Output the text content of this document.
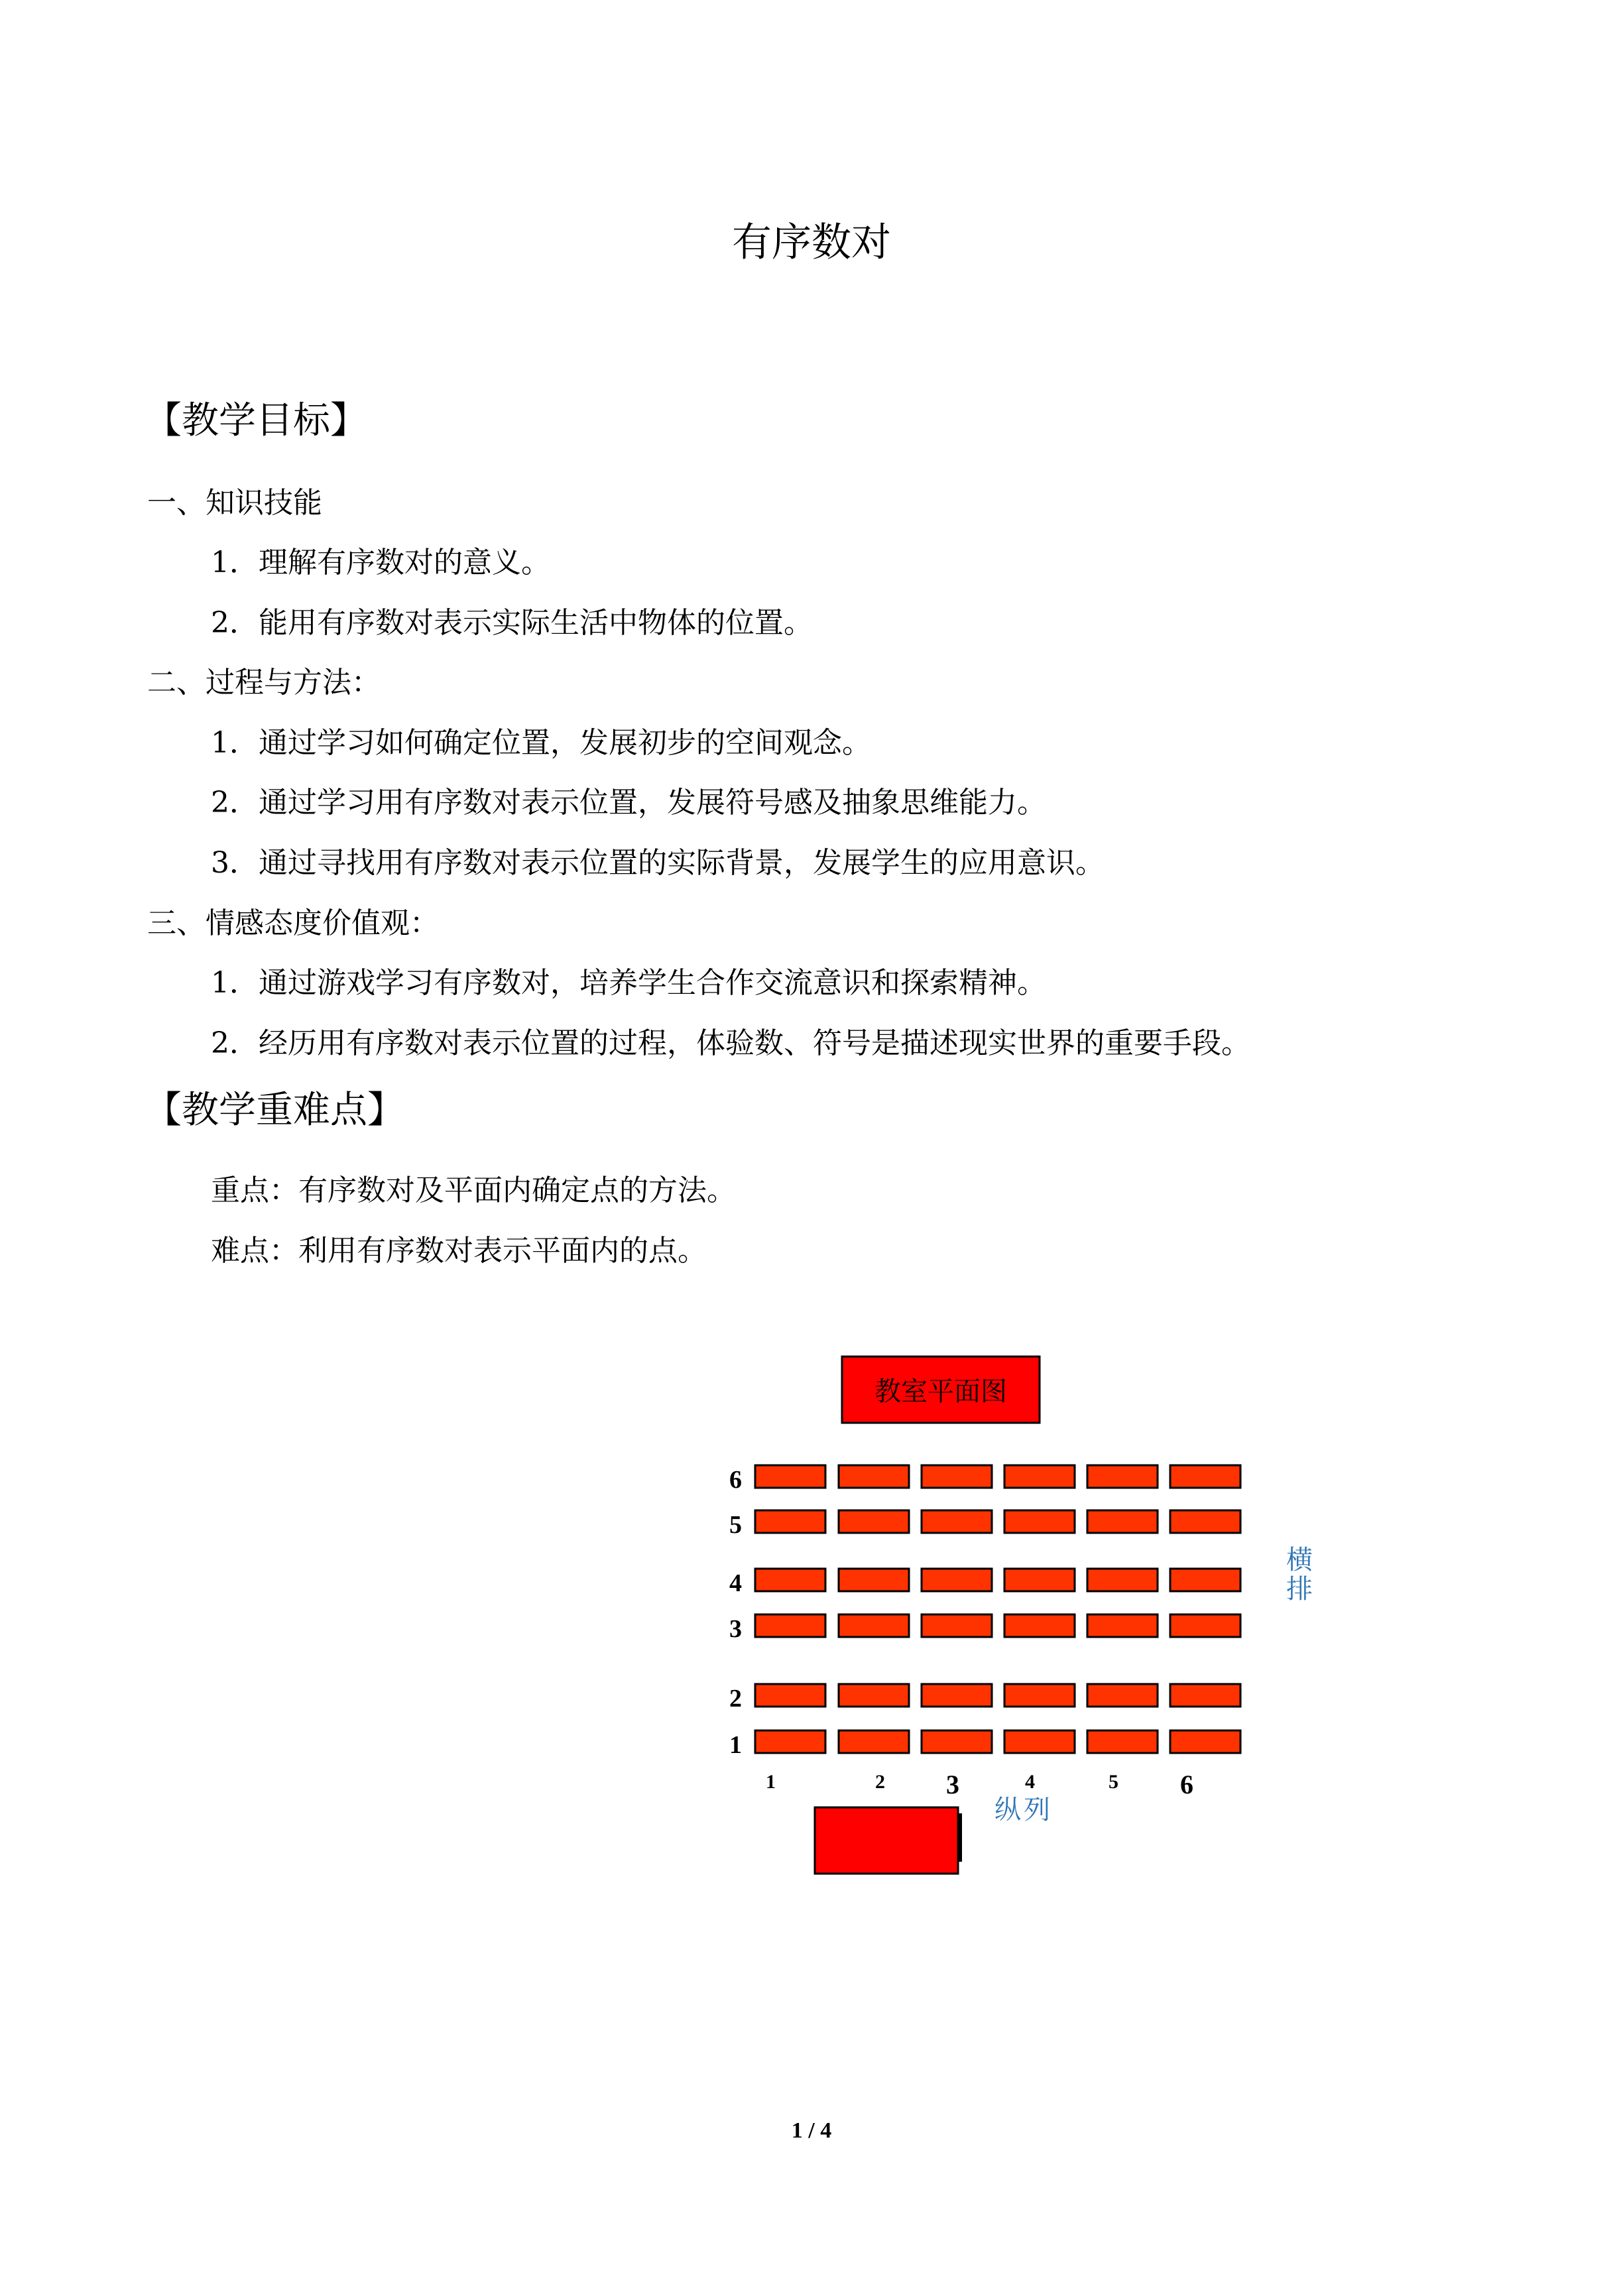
有序数对
【教学目标】
一、知识技能
1．理解有序数对的意义。
2．能用有序数对表示实际生活中物体的位置。
二、过程与方法：
1．通过学习如何确定位置，发展初步的空间观念。
2．通过学习用有序数对表示位置，发展符号感及抽象思维能力。
3．通过寻找用有序数对表示位置的实际背景，发展学生的应用意识。
三、情感态度价值观：
1．通过游戏学习有序数对，培养学生合作交流意识和探索精神。
2．经历用有序数对表示位置的过程，体验数、符号是描述现实世界的重要手段。
【教学重难点】
重点：有序数对及平面内确定点的方法。
难点：利用有序数对表示平面内的点。
教室平面图
6
5
4
3
2
1
1	2 3	4	5 6
横
排
纵列
1 / 4
